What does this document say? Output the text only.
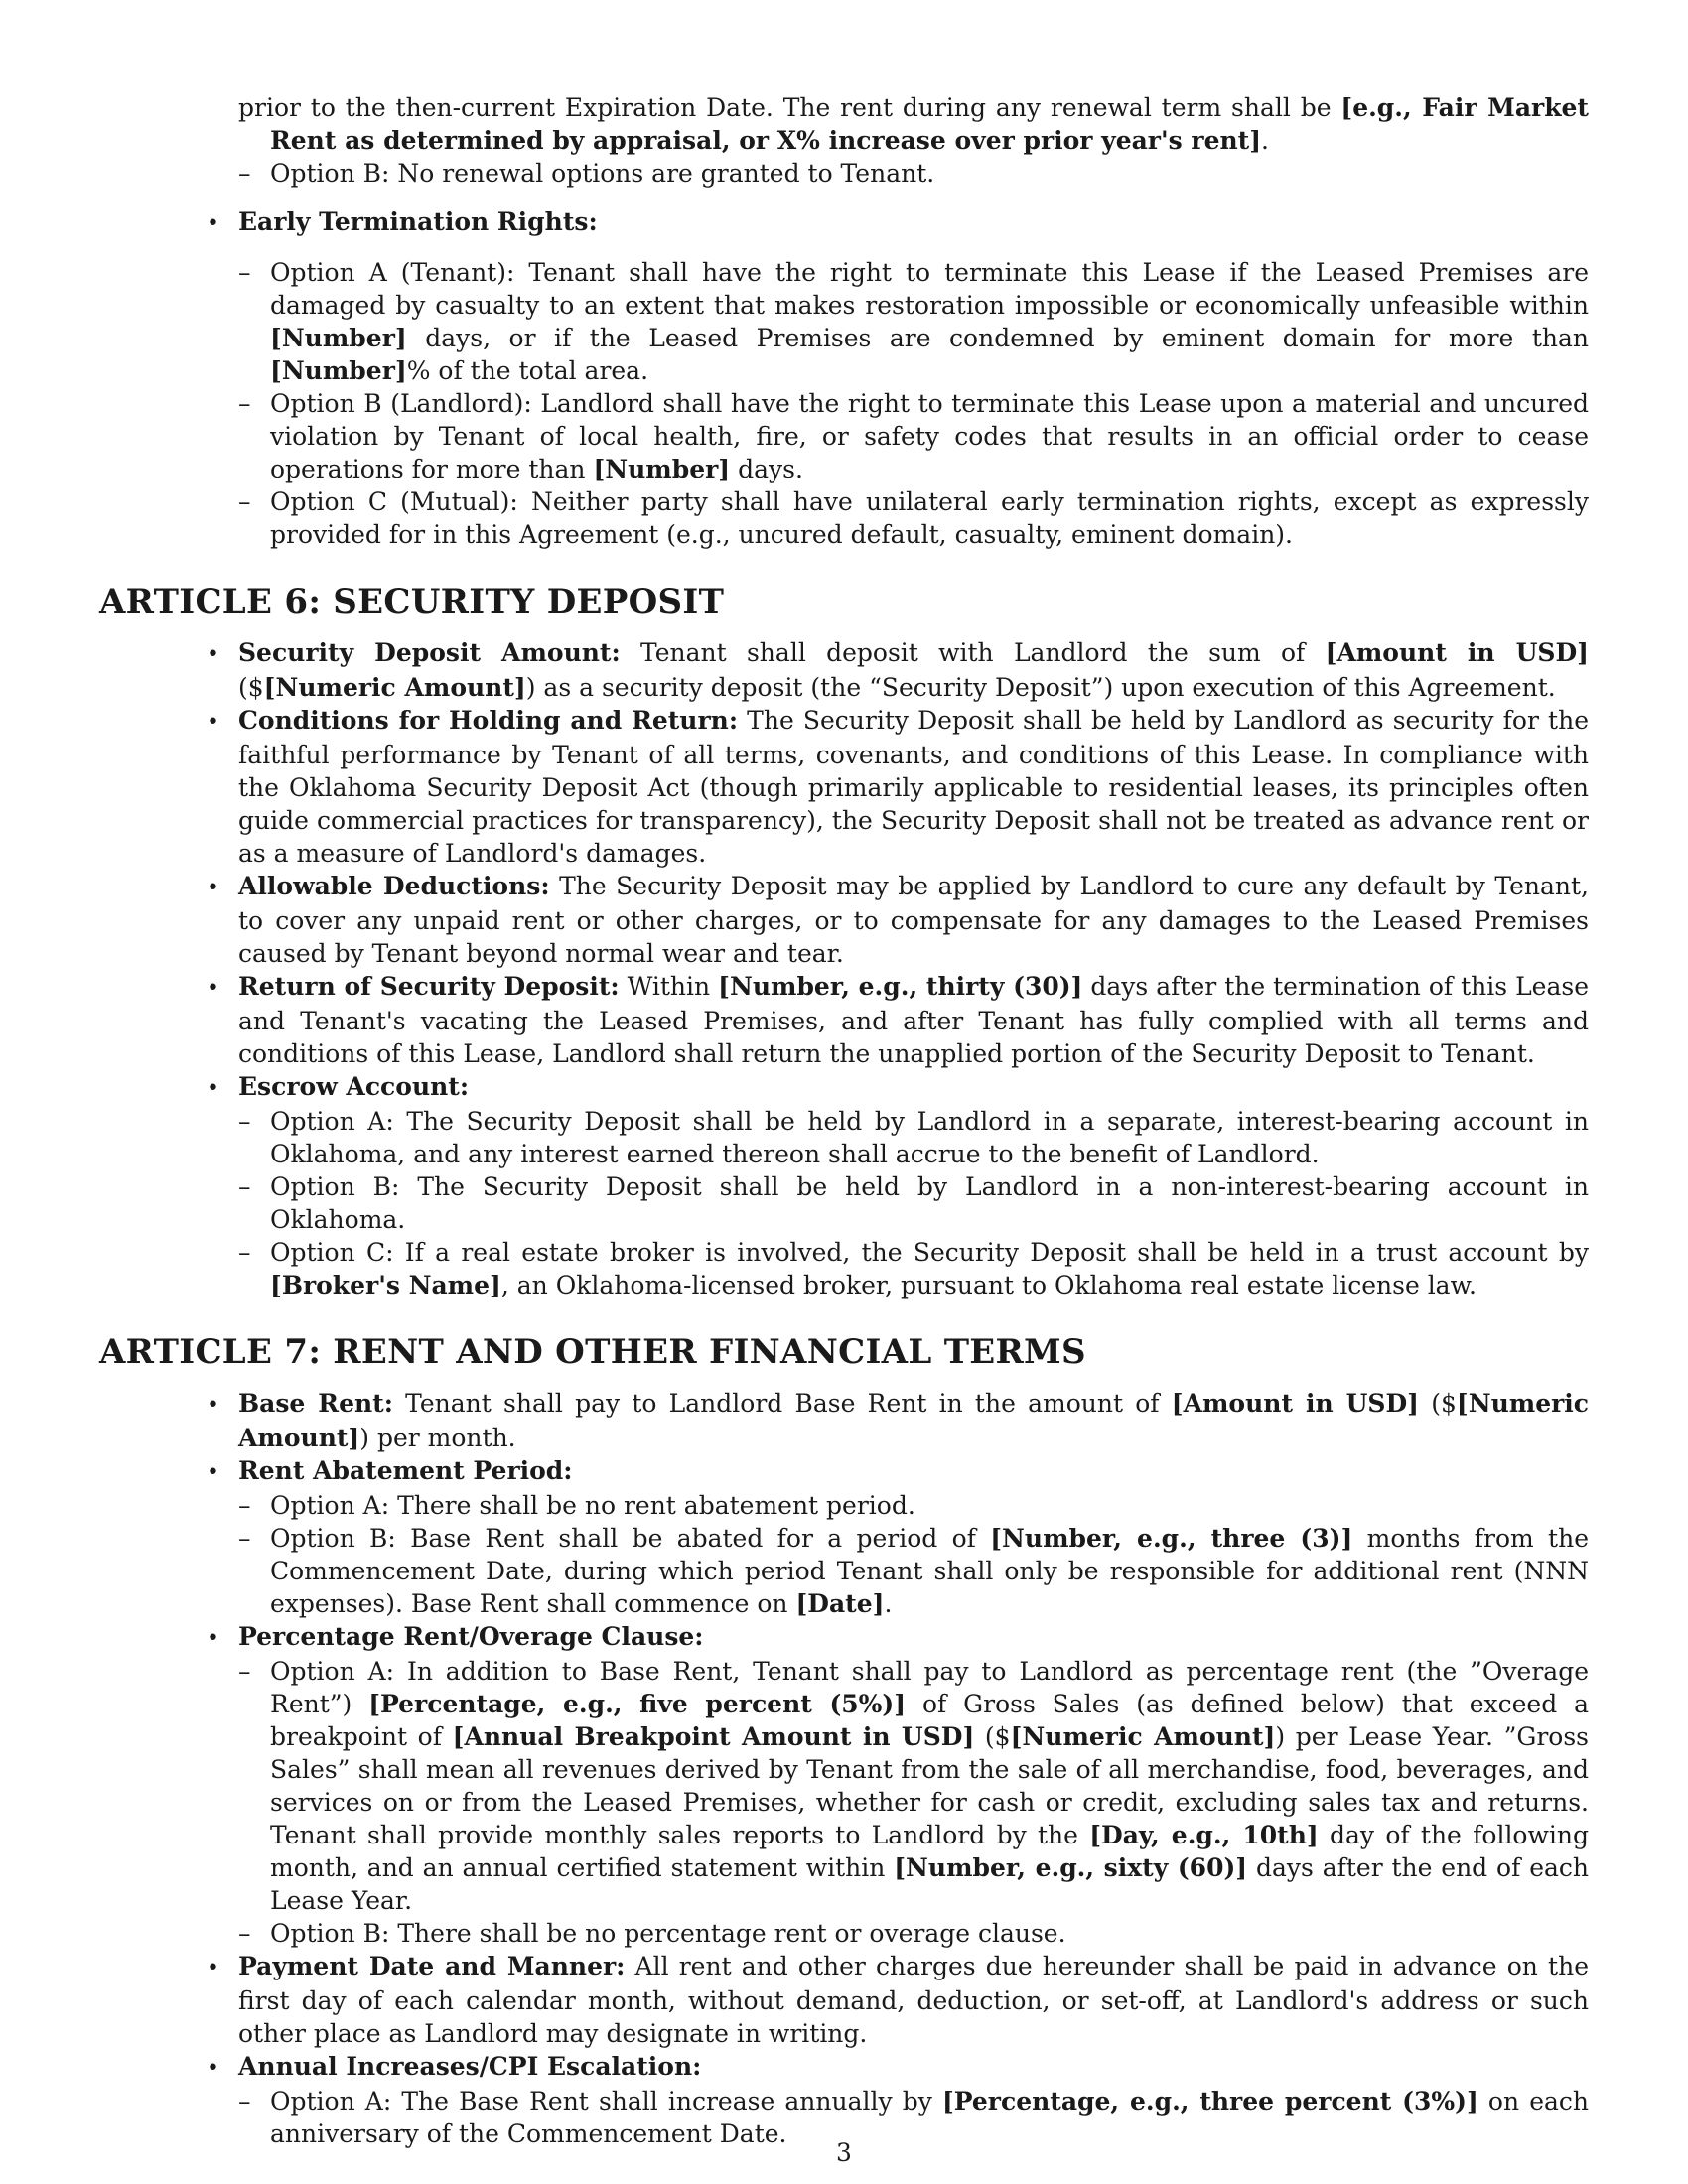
prior to the then-current Expiration Date. The rent during any renewal term shall be [e.g., Fair Market Rent as determined by appraisal, or X% increase over prior year's rent].
– Option B: No renewal options are granted to Tenant.
• Early Termination Rights:
– Option A (Tenant): Tenant shall have the right to terminate this Lease if the Leased Premises are damaged by casualty to an extent that makes restoration impossible or economically unfeasible within [Number] days, or if the Leased Premises are condemned by eminent domain for more than [Number]% of the total area.
– Option B (Landlord): Landlord shall have the right to terminate this Lease upon a material and uncured violation by Tenant of local health, fire, or safety codes that results in an official order to cease operations for more than [Number] days.
– Option C (Mutual): Neither party shall have unilateral early termination rights, except as expressly provided for in this Agreement (e.g., uncured default, casualty, eminent domain).
ARTICLE 6: SECURITY DEPOSIT
• Security Deposit Amount: Tenant shall deposit with Landlord the sum of [Amount in USD] ($[Numeric Amount]) as a security deposit (the “Security Deposit”) upon execution of this Agreement.
• Conditions for Holding and Return: The Security Deposit shall be held by Landlord as security for the faithful performance by Tenant of all terms, covenants, and conditions of this Lease. In compliance with the Oklahoma Security Deposit Act (though primarily applicable to residential leases, its principles often guide commercial practices for transparency), the Security Deposit shall not be treated as advance rent or as a measure of Landlord's damages.
• Allowable Deductions: The Security Deposit may be applied by Landlord to cure any default by Tenant, to cover any unpaid rent or other charges, or to compensate for any damages to the Leased Premises caused by Tenant beyond normal wear and tear.
• Return of Security Deposit: Within [Number, e.g., thirty (30)] days after the termination of this Lease and Tenant's vacating the Leased Premises, and after Tenant has fully complied with all terms and conditions of this Lease, Landlord shall return the unapplied portion of the Security Deposit to Tenant.
• Escrow Account:
– Option A: The Security Deposit shall be held by Landlord in a separate, interest-bearing account in Oklahoma, and any interest earned thereon shall accrue to the benefit of Landlord.
– Option B: The Security Deposit shall be held by Landlord in a non-interest-bearing account in Oklahoma.
– Option C: If a real estate broker is involved, the Security Deposit shall be held in a trust account by [Broker's Name], an Oklahoma-licensed broker, pursuant to Oklahoma real estate license law.
ARTICLE 7: RENT AND OTHER FINANCIAL TERMS
• Base Rent: Tenant shall pay to Landlord Base Rent in the amount of [Amount in USD] ($[Numeric Amount]) per month.
• Rent Abatement Period:
– Option A: There shall be no rent abatement period.
– Option B: Base Rent shall be abated for a period of [Number, e.g., three (3)] months from the Commencement Date, during which period Tenant shall only be responsible for additional rent (NNN expenses). Base Rent shall commence on [Date].
• Percentage Rent/Overage Clause:
– Option A: In addition to Base Rent, Tenant shall pay to Landlord as percentage rent (the ”Overage Rent”) [Percentage, e.g., five percent (5%)] of Gross Sales (as defined below) that exceed a breakpoint of [Annual Breakpoint Amount in USD] ($[Numeric Amount]) per Lease Year. ”Gross Sales” shall mean all revenues derived by Tenant from the sale of all merchandise, food, beverages, and services on or from the Leased Premises, whether for cash or credit, excluding sales tax and returns. Tenant shall provide monthly sales reports to Landlord by the [Day, e.g., 10th] day of the following month, and an annual certified statement within [Number, e.g., sixty (60)] days after the end of each Lease Year.
– Option B: There shall be no percentage rent or overage clause.
• Payment Date and Manner: All rent and other charges due hereunder shall be paid in advance on the first day of each calendar month, without demand, deduction, or set-off, at Landlord's address or such other place as Landlord may designate in writing.
• Annual Increases/CPI Escalation:
– Option A: The Base Rent shall increase annually by [Percentage, e.g., three percent (3%)] on each anniversary of the Commencement Date.
3
